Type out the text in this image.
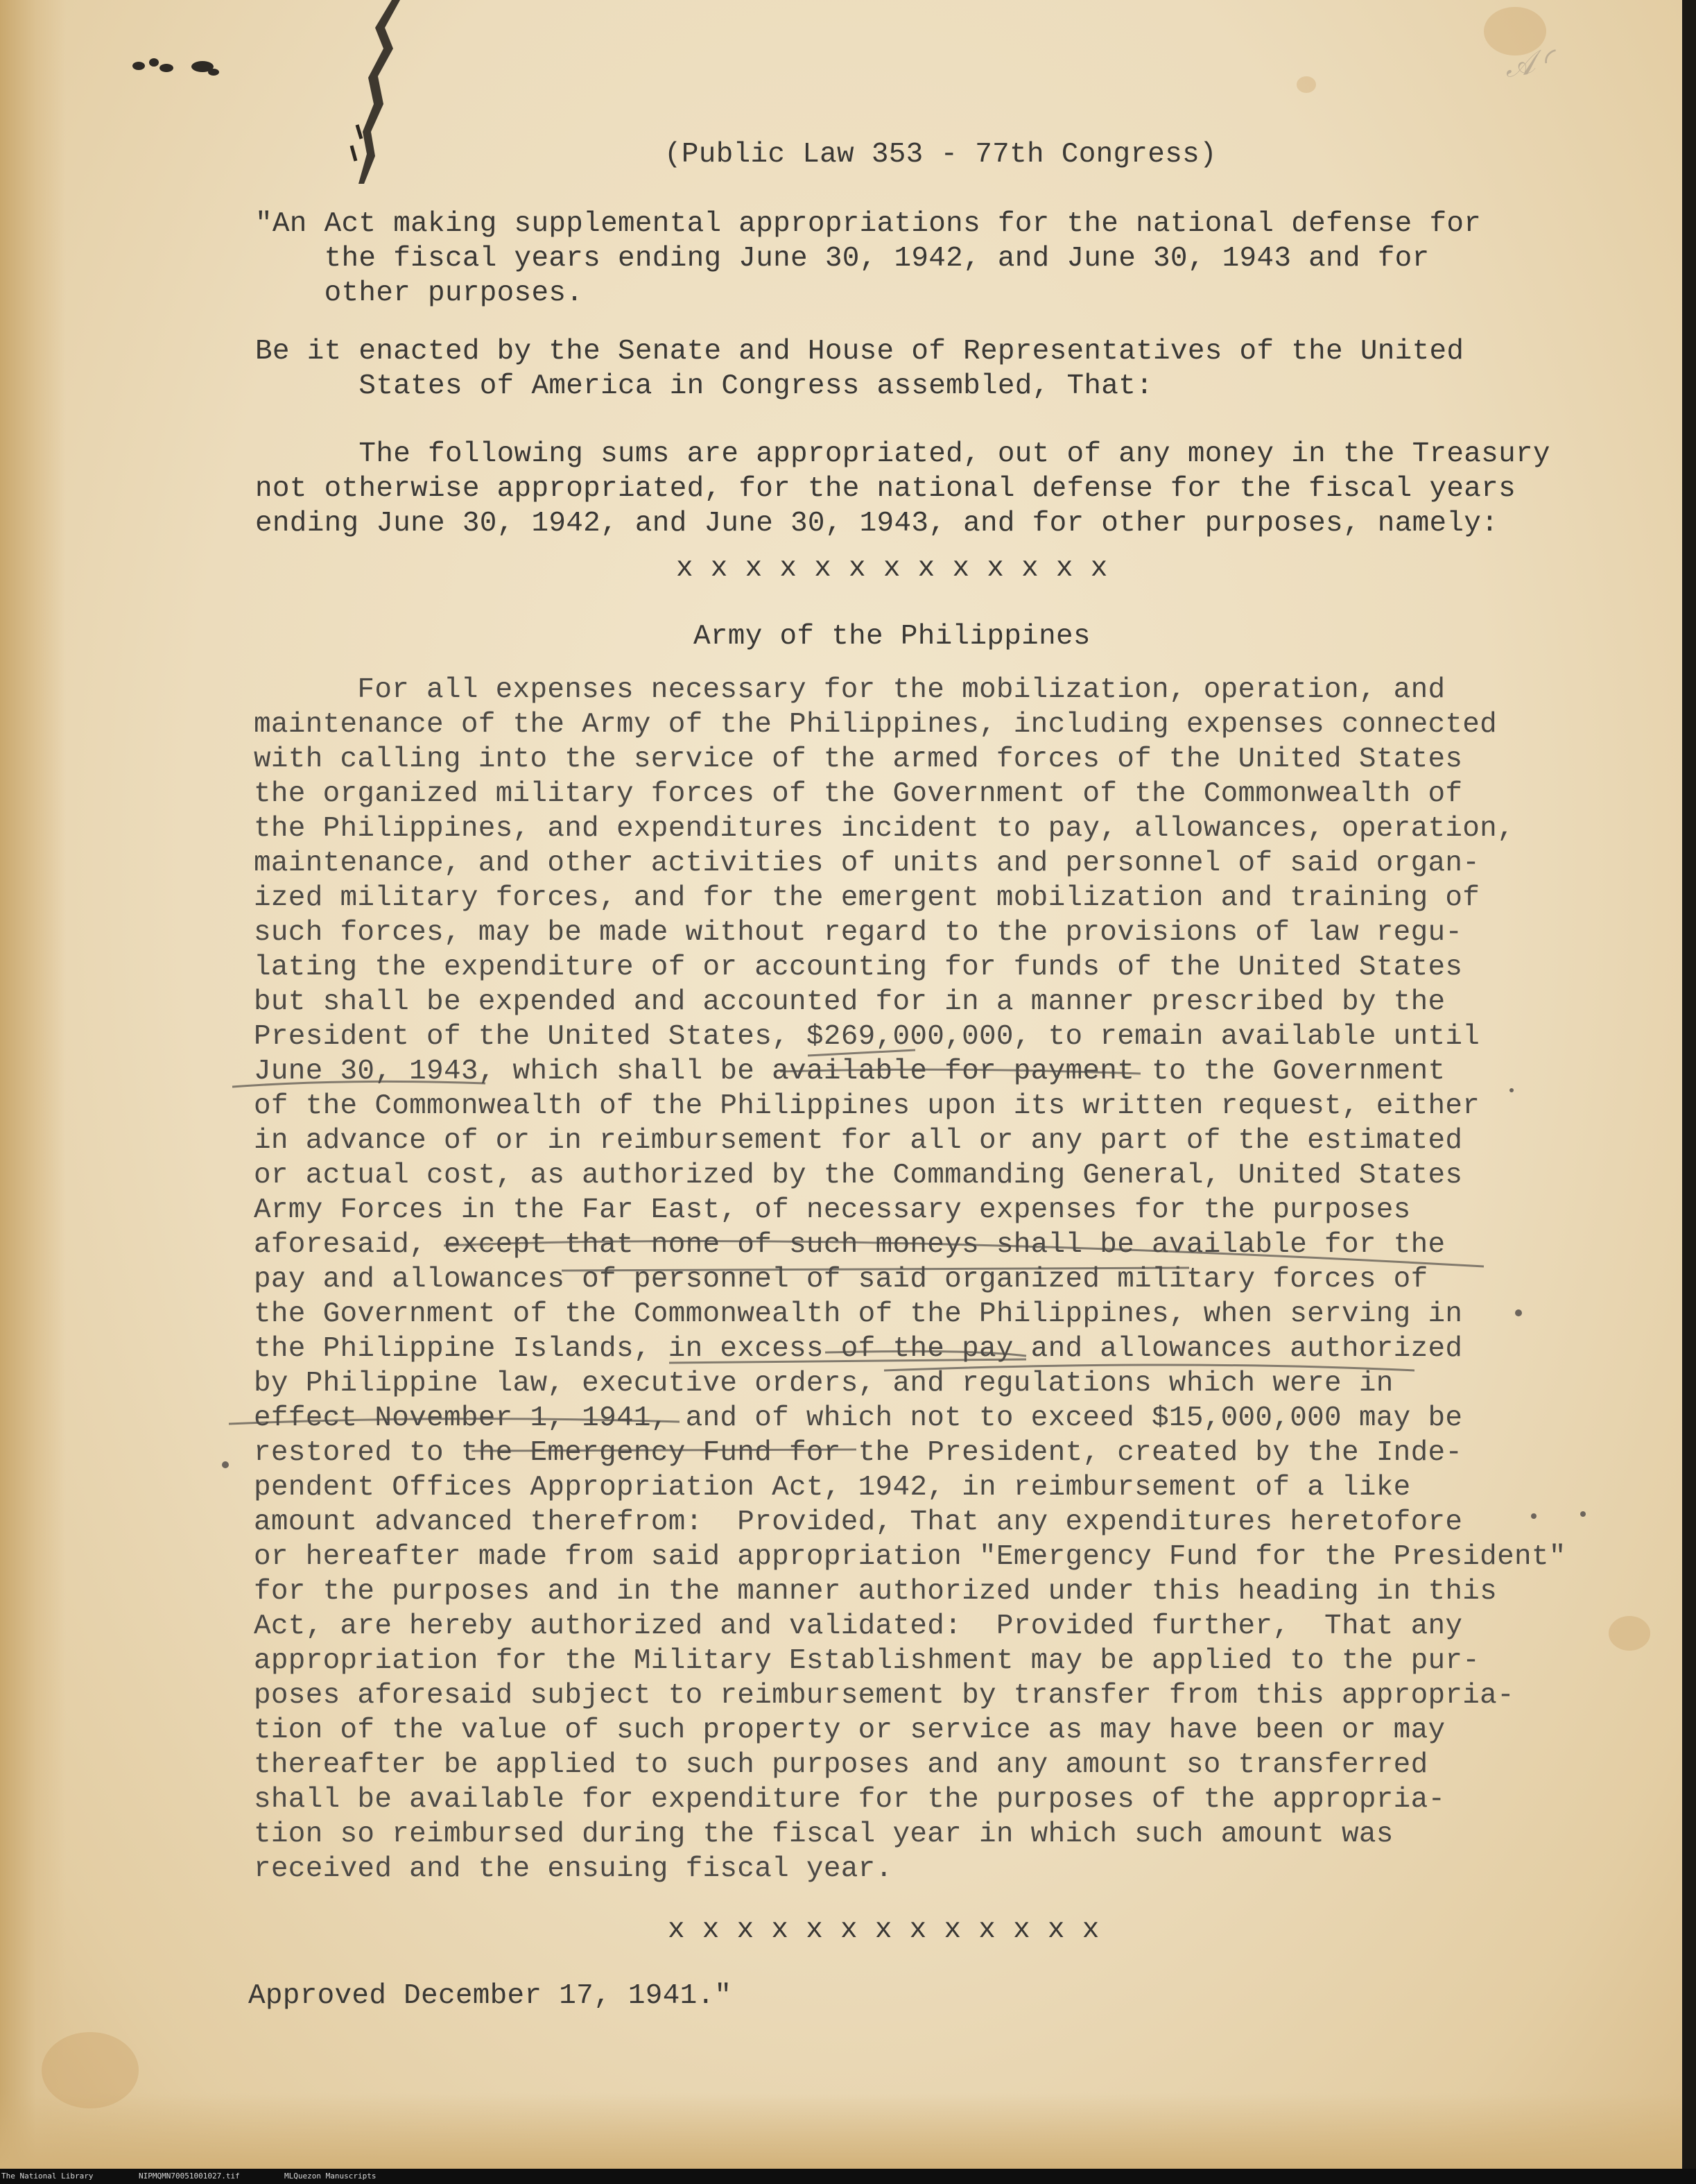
𝒜 ◜
(Public Law 353 - 77th Congress)
"An Act making supplemental appropriations for the national defense for
the fiscal years ending June 30, 1942, and June 30, 1943 and for
other purposes.
Be it enacted by the Senate and House of Representatives of the United
States of America in Congress assembled, That:
The following sums are appropriated, out of any money in the Treasury
not otherwise appropriated, for the national defense for the fiscal years
ending June 30, 1942, and June 30, 1943, and for other purposes, namely:
x x x x x x x x x x x x x
Army of the Philippines
For all expenses necessary for the mobilization, operation, and
maintenance of the Army of the Philippines, including expenses connected
with calling into the service of the armed forces of the United States
the organized military forces of the Government of the Commonwealth of
the Philippines, and expenditures incident to pay, allowances, operation,
maintenance, and other activities of units and personnel of said organ-
ized military forces, and for the emergent mobilization and training of
such forces, may be made without regard to the provisions of law regu-
lating the expenditure of or accounting for funds of the United States
but shall be expended and accounted for in a manner prescribed by the
President of the United States, $269,000,000, to remain available until
June 30, 1943, which shall be available for payment to the Government
of the Commonwealth of the Philippines upon its written request, either
in advance of or in reimbursement for all or any part of the estimated
or actual cost, as authorized by the Commanding General, United States
Army Forces in the Far East, of necessary expenses for the purposes
aforesaid, except that none of such moneys shall be available for the
pay and allowances of personnel of said organized military forces of
the Government of the Commonwealth of the Philippines, when serving in
the Philippine Islands, in excess of the pay and allowances authorized
by Philippine law, executive orders, and regulations which were in
effect November 1, 1941, and of which not to exceed $15,000,000 may be
restored to the Emergency Fund for the President, created by the Inde-
pendent Offices Appropriation Act, 1942, in reimbursement of a like
amount advanced therefrom:  Provided, That any expenditures heretofore
or hereafter made from said appropriation "Emergency Fund for the President"
for the purposes and in the manner authorized under this heading in this
Act, are hereby authorized and validated:  Provided further,  That any
appropriation for the Military Establishment may be applied to the pur-
poses aforesaid subject to reimbursement by transfer from this appropria-
tion of the value of such property or service as may have been or may
thereafter be applied to such purposes and any amount so transferred
shall be available for expenditure for the purposes of the appropria-
tion so reimbursed during the fiscal year in which such amount was
received and the ensuing fiscal year.
x x x x x x x x x x x x x
Approved December 17, 1941."
The National Library	NIPMQMN70051001027.tif	MLQuezon Manuscripts
